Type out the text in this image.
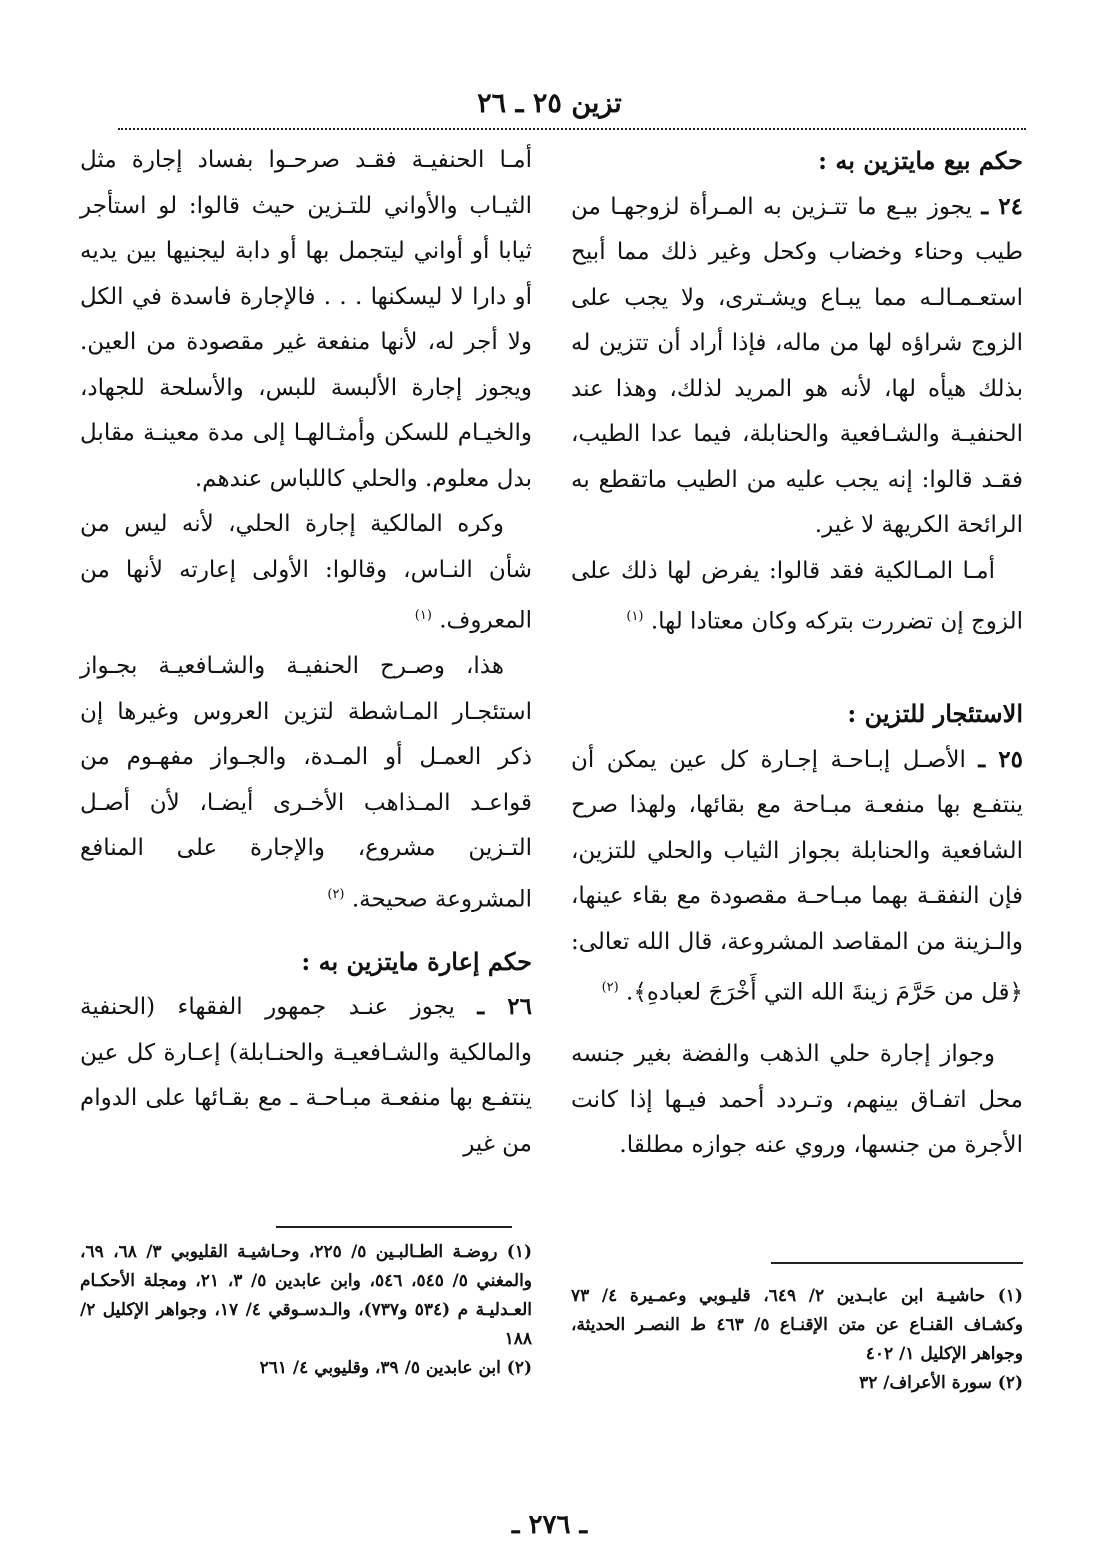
تزين ٢٥ ـ ٢٦

حكم بيع مايتزين به :

٢٤ ـ يجوز بيـع ما تتـزين به المـرأة لزوجهـا من طيب وحناء وخضاب وكحل وغير ذلك مما أبيح استعـمـالـه مما يبـاع ويشـترى، ولا يجب على الزوج شراؤه لها من ماله، فإذا أراد أن تتزين له بذلك هيأه لها، لأنه هو المريد لذلك، وهذا عند الحنفيـة والشـافعية والحنابلة، فيما عدا الطيب، فقـد قالوا: إنه يجب عليه من الطيب ماتقطع به الرائحة الكريهة لا غير.

أمـا المـالكية فقد قالوا: يفرض لها ذلك على الزوج إن تضررت بتركه وكان معتادا لها. $^{(١)}$

الاستئجار للتزين :

٢٥ ـ الأصـل إبـاحـة إجـارة كل عين يمكن أن ينتفـع بها منفعـة مبـاحة مع بقائها، ولهذا صرح الشافعية والحنابلة بجواز الثياب والحلي للتزين، فإن النفقـة بهما مبـاحـة مقصودة مع بقاء عينها، والـزينة من المقاصد المشروعة، قال الله تعالى: ﴿قل من حَرَّمَ زينةَ الله التي أَخْرَجَ لعبادهِ﴾. $^{(٢)}$

وجواز إجارة حلي الذهب والفضة بغير جنسه محل اتفـاق بينهم، وتـردد أحمد فيـها إذا كانت الأجرة من جنسها، وروي عنه جوازه مطلقا.

أمـا الحنفيـة فقـد صرحـوا بفساد إجارة مثل الثيـاب والأواني للتـزين حيث قالوا: لو استأجر ثيابا أو أواني ليتجمل بها أو دابة ليجنيها بين يديه أو دارا لا ليسكنها . . . فالإجارة فاسدة في الكل ولا أجر له، لأنها منفعة غير مقصودة من العين. ويجوز إجارة الألبسة للبس، والأسلحة للجهاد، والخيـام للسكن وأمثـالهـا إلى مدة معينـة مقابل بدل معلوم. والحلي كاللباس عندهم.

وكره المالكية إجارة الحلي، لأنه ليس من شأن النـاس، وقالوا: الأولى إعارته لأنها من المعروف. $^{(١)}$

هذا، وصـرح الحنفيـة والشـافعيـة بجـواز استئجـار المـاشطة لتزين العروس وغيرها إن ذكر العمـل أو المـدة، والجـواز مفهـوم من قواعـد المـذاهب الأخـرى أيضـا، لأن أصـل التـزين مشروع، والإجارة على المنافع المشروعة صحيحة. $^{(٢)}$

حكم إعارة مايتزين به :

٢٦ ـ يجوز عنـد جمهور الفقهاء (الحنفية والمالكية والشـافعيـة والحنـابلة) إعـارة كل عين ينتفـع بها منفعـة مبـاحـة ـ مع بقـائها على الدوام من غير

(١) حاشيـة ابن عابـدين ٢/ ٦٤٩، قليـوبي وعمـيرة ٤/ ٧٣ وكشـاف القنـاع عن متن الإقنـاع ٥/ ٤٦٣ ط النصـر الحديثة، وجواهر الإكليل ١/ ٤٠٢

(٢) سورة الأعراف/ ٣٢

(١) روضـة الطـالبـين ٥/ ٢٢٥، وحـاشيـة القليوبي ٣/ ٦٨، ٦٩، والمغني ٥/ ٥٤٥، ٥٤٦، وابن عابدين ٥/ ٣، ٢١، ومجلة الأحكـام العـدليـة م (٥٣٤ و٧٣٧)، والـدسـوقي ٤/ ١٧، وجواهر الإكليل ٢/ ١٨٨

(٢) ابن عابدين ٥/ ٣٩، وقليوبي ٤/ ٢٦١

ـ ٢٧٦ ـ
